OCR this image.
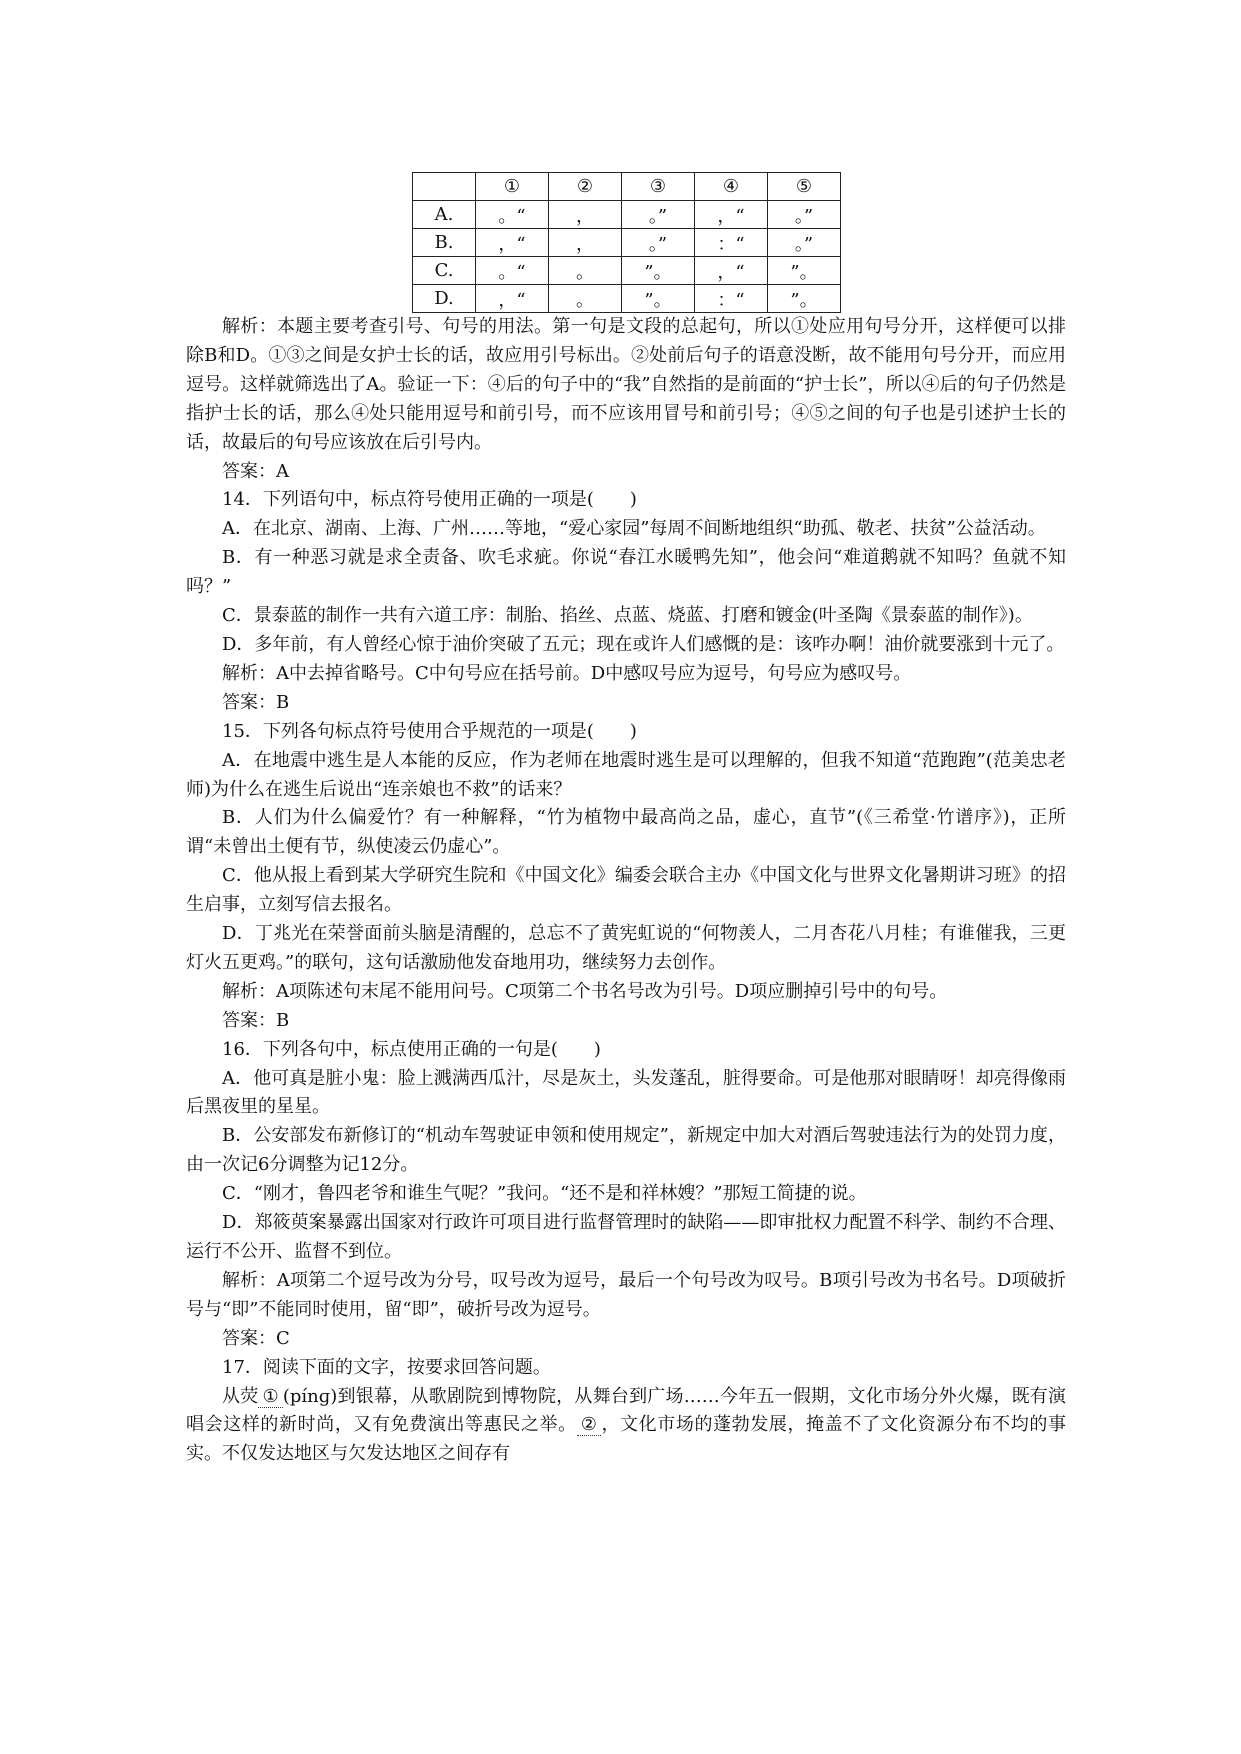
	①	②	③	④	⑤
A.	。“	，	。”	，“	。”
B.	，“	，	。”	：“	。”
C.	。“	。	”。	，“	”。
D.	，“	。	”。	：“	”。

解析：本题主要考查引号、句号的用法。第一句是文段的总起句，所以①处应用句号分开，这样便可以排除B和D。①③之间是女护士长的话，故应用引号标出。②处前后句子的语意没断，故不能用句号分开，而应用逗号。这样就筛选出了A。验证一下：④后的句子中的“我”自然指的是前面的“护士长”，所以④后的句子仍然是指护士长的话，那么④处只能用逗号和前引号，而不应该用冒号和前引号；④⑤之间的句子也是引述护士长的话，故最后的句号应该放在后引号内。

答案：A

14．下列语句中，标点符号使用正确的一项是(　　)

A．在北京、湖南、上海、广州……等地，“爱心家园”每周不间断地组织“助孤、敬老、扶贫”公益活动。

B．有一种恶习就是求全责备、吹毛求疵。你说“春江水暖鸭先知”，他会问“难道鹅就不知吗？鱼就不知吗？”

C．景泰蓝的制作一共有六道工序：制胎、掐丝、点蓝、烧蓝、打磨和镀金(叶圣陶《景泰蓝的制作》)。

D．多年前，有人曾经心惊于油价突破了五元；现在或许人们感慨的是：该咋办啊！油价就要涨到十元了。

解析：A中去掉省略号。C中句号应在括号前。D中感叹号应为逗号，句号应为感叹号。

答案：B

15．下列各句标点符号使用合乎规范的一项是(　　)

A．在地震中逃生是人本能的反应，作为老师在地震时逃生是可以理解的，但我不知道“范跑跑”(范美忠老师)为什么在逃生后说出“连亲娘也不救”的话来？

B．人们为什么偏爱竹？有一种解释，“竹为植物中最高尚之品，虚心，直节”(《三希堂·竹谱序》)，正所谓“未曾出土便有节，纵使凌云仍虚心”。

C．他从报上看到某大学研究生院和《中国文化》编委会联合主办《中国文化与世界文化暑期讲习班》的招生启事，立刻写信去报名。

D．丁兆光在荣誉面前头脑是清醒的，总忘不了黄宪虹说的“何物羡人，二月杏花八月桂；有谁催我，三更灯火五更鸡。”的联句，这句话激励他发奋地用功，继续努力去创作。

解析：A项陈述句末尾不能用问号。C项第二个书名号改为引号。D项应删掉引号中的句号。

答案：B

16．下列各句中，标点使用正确的一句是(　　)

A．他可真是脏小鬼：脸上溅满西瓜汁，尽是灰土，头发蓬乱，脏得要命。可是他那对眼睛呀！却亮得像雨后黑夜里的星星。

B．公安部发布新修订的“机动车驾驶证申领和使用规定”，新规定中加大对酒后驾驶违法行为的处罚力度，由一次记6分调整为记12分。

C．“刚才，鲁四老爷和谁生气呢？”我问。“还不是和祥林嫂？”那短工简捷的说。

D．郑筱萸案暴露出国家对行政许可项目进行监督管理时的缺陷——即审批权力配置不科学、制约不合理、运行不公开、监督不到位。

解析：A项第二个逗号改为分号，叹号改为逗号，最后一个句号改为叹号。B项引号改为书名号。D项破折号与“即”不能同时使用，留“即”，破折号改为逗号。

答案：C

17．阅读下面的文字，按要求回答问题。

从荧 ① (pínɡ)到银幕，从歌剧院到博物院，从舞台到广场……今年五一假期，文化市场分外火爆，既有演唱会这样的新时尚，又有免费演出等惠民之举。 ② ，文化市场的蓬勃发展，掩盖不了文化资源分布不均的事实。不仅发达地区与欠发达地区之间存有
